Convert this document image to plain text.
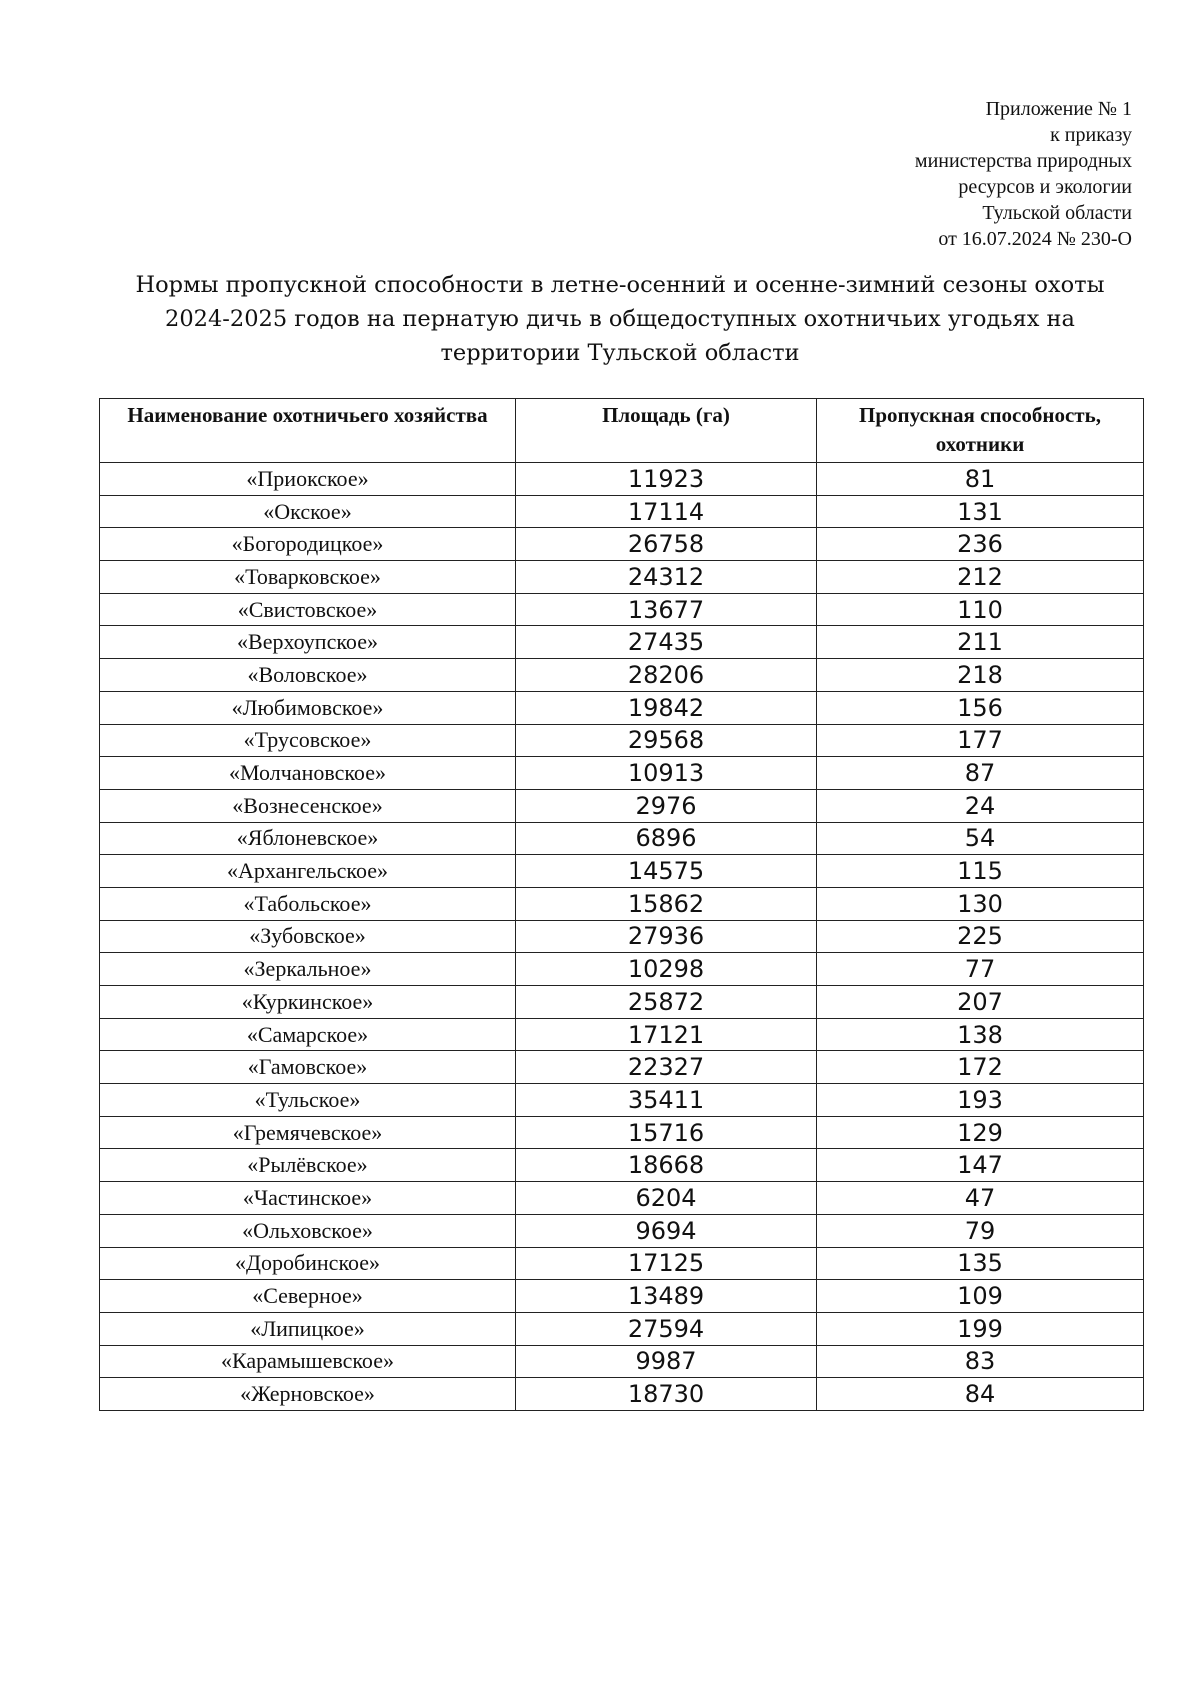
Приложение № 1
к приказу
министерства природных
ресурсов и экологии
Тульской области
от 16.07.2024 № 230-О
Нормы пропускной способности в летне-осенний и осенне-зимний сезоны охоты
2024-2025 годов на пернатую дичь в общедоступных охотничьих угодьях на
территории Тульской области
Наименование охотничьего хозяйства	Площадь (га)	Пропускная способность, охотники
«Приокское»	11923	81
«Окское»	17114	131
«Богородицкое»	26758	236
«Товарковское»	24312	212
«Свистовское»	13677	110
«Верхоупское»	27435	211
«Воловское»	28206	218
«Любимовское»	19842	156
«Трусовское»	29568	177
«Молчановское»	10913	87
«Вознесенское»	2976	24
«Яблоневское»	6896	54
«Архангельское»	14575	115
«Табольское»	15862	130
«Зубовское»	27936	225
«Зеркальное»	10298	77
«Куркинское»	25872	207
«Самарское»	17121	138
«Гамовское»	22327	172
«Тульское»	35411	193
«Гремячевское»	15716	129
«Рылёвское»	18668	147
«Частинское»	6204	47
«Ольховское»	9694	79
«Доробинское»	17125	135
«Северное»	13489	109
«Липицкое»	27594	199
«Карамышевское»	9987	83
«Жерновское»	18730	84
